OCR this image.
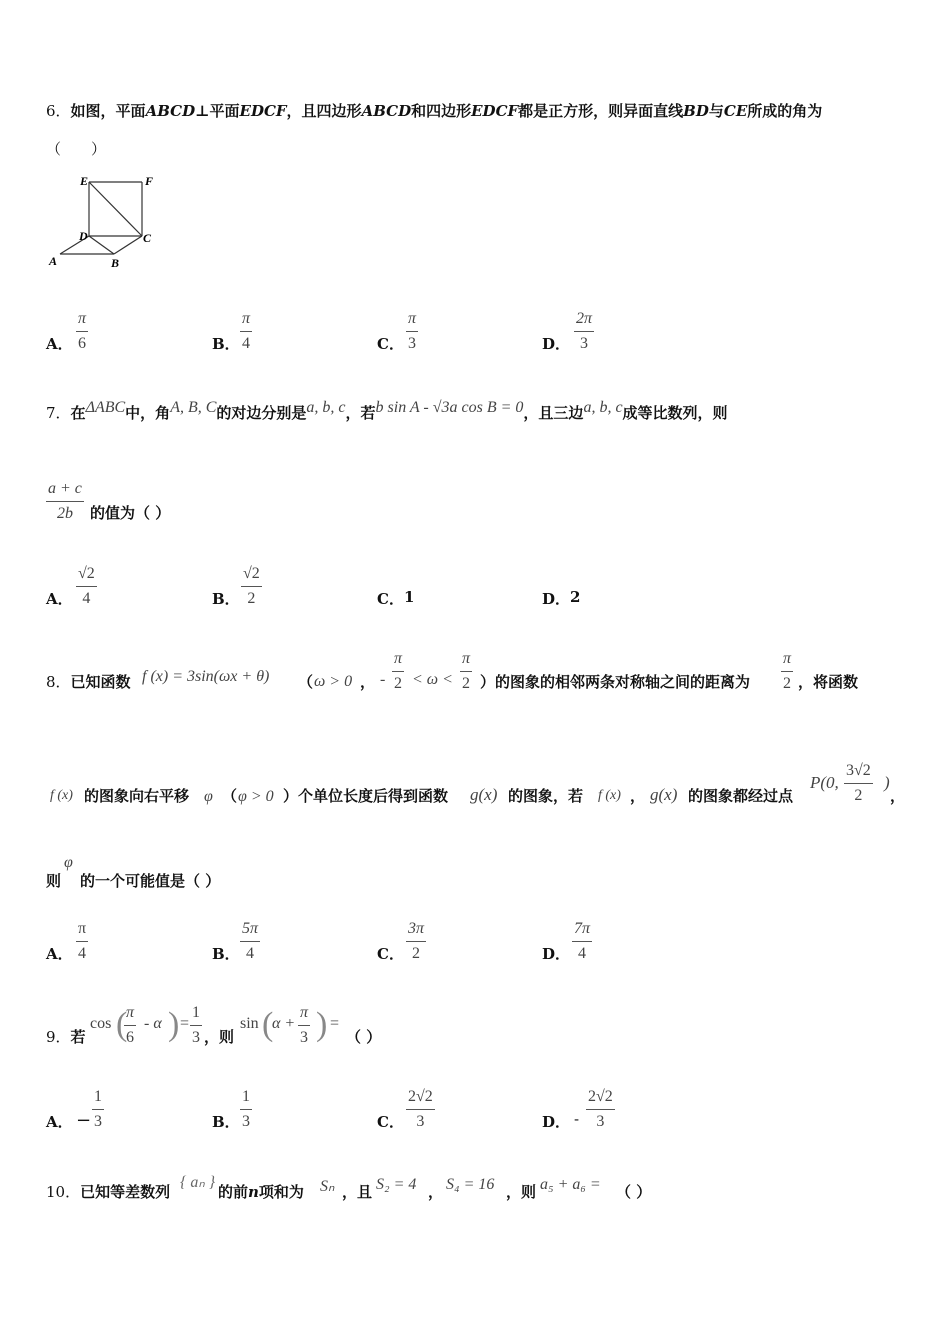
6．如图，平面ABCD⊥平面EDCF，且四边形ABCD和四边形EDCF都是正方形，则异面直线BD与CE所成的角为
（　　）
E	F
D	C
A	B
A．
π
6	B．
π
4	C．
π
3	D．
2π
3
7．在ΔABC中，角A, B, C的对边分别是a, b, c，若b sin A - √3a cos B = 0，且三边a, b, c成等比数列，则
a + c
2b	的值为（ ）
A．
√2
4	B．
√2
2	C． 1	D． 2
8．已知函数 f (x) = 3sin(ωx + θ) （ ω > 0 ， -
π
2 < ω <
π
2 ）的图象的相邻两条对称轴之间的距离为
π
2 ，将函数
f (x) 的图象向右平移 φ （ φ > 0 ）个单位长度后得到函数 g(x) 的图象，若 f (x) ， g(x) 的图象都经过点
P(0,
3√2
2
)
，
则
φ
的一个可能值是（ ）
A．
π
4	B．
5π
4	C．
3π
2	D．
7π
4
9．若
cos (
π
6
- α ) =
1
3 ，则
sin (
α +
π
3 ) =
（ ）
A． −
1
3	B．
1
3	C．
2√2
3	D． -
2√2
3
10．已知等差数列
{ aₙ }
的前n项和为 Sₙ ，且 S₂ = 4 ， S₄ = 16 ，则 a₅ + a₆ = （ ）
